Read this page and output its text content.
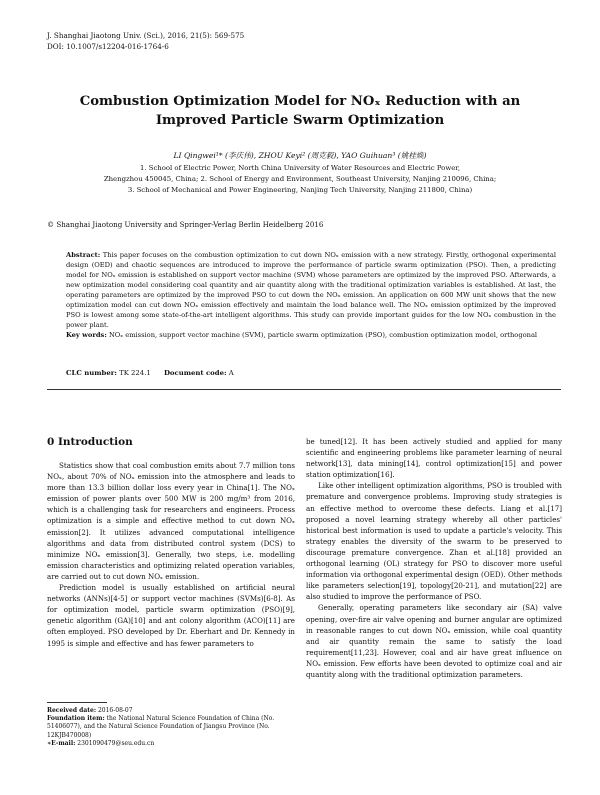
J. Shanghai Jiaotong Univ. (Sci.), 2016, 21(5): 569-575
DOI: 10.1007/s12204-016-1764-6
Combustion Optimization Model for NOₓ Reduction with an
Improved Particle Swarm Optimization
LI Qingwei¹* (李庆伟), ZHOU Keyi² (周克毅), YAO Guihuan³ (姚桂焕)
1. School of Electric Power, North China University of Water Resources and Electric Power,
Zhengzhou 450045, China; 2. School of Energy and Environment, Southeast University, Nanjing 210096, China;
3. School of Mechanical and Power Engineering, Nanjing Tech University, Nanjing 211800, China)
© Shanghai Jiaotong University and Springer-Verlag Berlin Heidelberg 2016
Abstract: This paper focuses on the combustion optimization to cut down NOₓ emission with a new strategy. Firstly, orthogonal experimental design (OED) and chaotic sequences are introduced to improve the performance of particle swarm optimization (PSO). Then, a predicting model for NOₓ emission is established on support vector machine (SVM) whose parameters are optimized by the improved PSO. Afterwards, a new optimization model considering coal quantity and air quantity along with the traditional optimization variables is established. At last, the operating parameters are optimized by the improved PSO to cut down the NOₓ emission. An application on 600 MW unit shows that the new optimization model can cut down NOₓ emission effectively and maintain the load balance well. The NOₓ emission optimized by the improved PSO is lowest among some state-of-the-art intelligent algorithms. This study can provide important guides for the low NOₓ combustion in the power plant.
Key words: NOₓ emission, support vector machine (SVM), particle swarm optimization (PSO), combustion optimization model, orthogonal
CLC number: TK 224.1 Document code: A
0 Introduction

Statistics show that coal combustion emits about 7.7 million tons NOₓ, about 70% of NOₓ emission into the atmosphere and leads to more than 13.3 billion dollar loss every year in China[1]. The NOₓ emission of power plants over 500 MW is 200 mg/m³ from 2016, which is a challenging task for researchers and engineers. Process optimization is a simple and effective method to cut down NOₓ emission[2]. It utilizes advanced computational intelligence algorithms and data from distributed control system (DCS) to minimize NOₓ emission[3]. Generally, two steps, i.e. modelling emission characteristics and optimizing related operation variables, are carried out to cut down NOₓ emission.

Prediction model is usually established on artificial neural networks (ANNs)[4-5] or support vector machines (SVMs)[6-8]. As for optimization model, particle swarm optimization (PSO)[9], genetic algorithm (GA)[10] and ant colony algorithm (ACO)[11] are often employed. PSO developed by Dr. Eberhart and Dr. Kennedy in 1995 is simple and effective and has fewer parameters to

be tuned[12]. It has been actively studied and applied for many scientific and engineering problems like parameter learning of neural network[13], data mining[14], control optimization[15] and power station optimization[16].

Like other intelligent optimization algorithms, PSO is troubled with premature and convergence problems. Improving study strategies is an effective method to overcome these defects. Liang et al.[17] proposed a novel learning strategy whereby all other particles' historical best information is used to update a particle's velocity. This strategy enables the diversity of the swarm to be preserved to discourage premature convergence. Zhan et al.[18] provided an orthogonal learning (OL) strategy for PSO to discover more useful information via orthogonal experimental design (OED). Other methods like parameters selection[19], topology[20-21], and mutation[22] are also studied to improve the performance of PSO.

Generally, operating parameters like secondary air (SA) valve opening, over-fire air valve opening and burner angular are optimized in reasonable ranges to cut down NOₓ emission, while coal quantity and air quantity remain the same to satisfy the load requirement[11,23]. However, coal and air have great influence on NOₓ emission. Few efforts have been devoted to optimize coal and air quantity along with the traditional optimization parameters.

Received date: 2016-08-07
Foundation item: the National Natural Science Foundation of China (No. 51406077), and the Natural Science Foundation of Jiangsu Province (No. 12KJB470008)
∗E-mail: 2301090479@seu.edu.cn
